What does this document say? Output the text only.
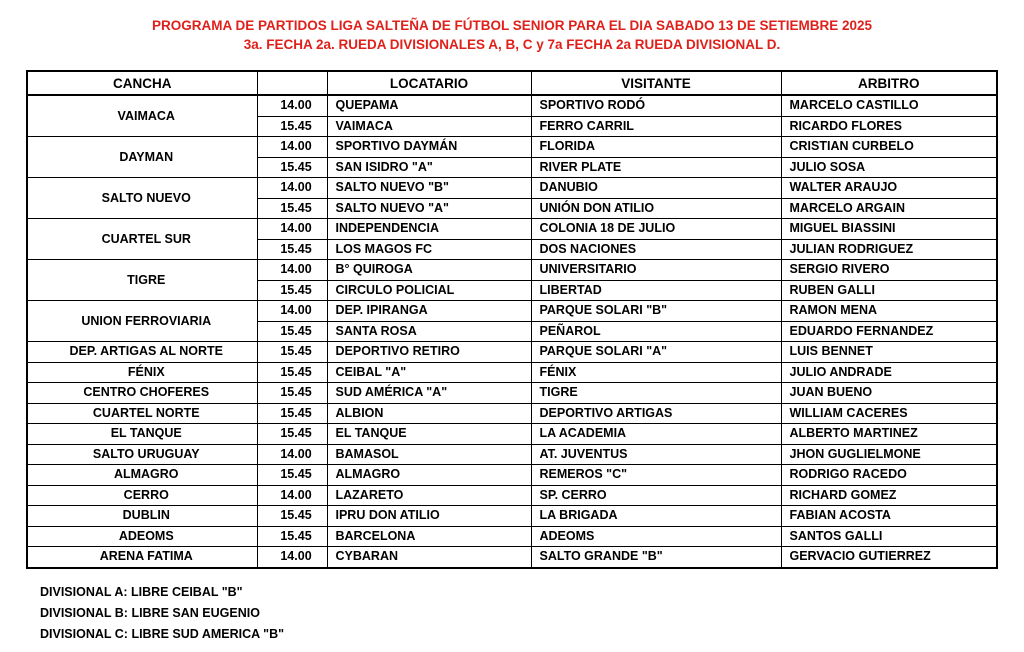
PROGRAMA DE PARTIDOS LIGA SALTEÑA DE FÚTBOL SENIOR PARA EL DIA SABADO 13 DE SETIEMBRE 2025
3a. FECHA 2a. RUEDA DIVISIONALES A, B, C y 7a FECHA 2a RUEDA DIVISIONAL D.
CANCHA		LOCATARIO	VISITANTE	ARBITRO
VAIMACA	14.00	QUEPAMA	SPORTIVO RODÓ	MARCELO CASTILLO
	15.45	VAIMACA	FERRO CARRIL	RICARDO FLORES
DAYMAN	14.00	SPORTIVO DAYMÁN	FLORIDA	CRISTIAN CURBELO
	15.45	SAN ISIDRO "A"	RIVER PLATE	JULIO SOSA
SALTO NUEVO	14.00	SALTO NUEVO "B"	DANUBIO	WALTER ARAUJO
	15.45	SALTO NUEVO "A"	UNIÓN DON ATILIO	MARCELO ARGAIN
CUARTEL SUR	14.00	INDEPENDENCIA	COLONIA 18 DE JULIO	MIGUEL BIASSINI
	15.45	LOS MAGOS FC	DOS NACIONES	JULIAN RODRIGUEZ
TIGRE	14.00	B° QUIROGA	UNIVERSITARIO	SERGIO RIVERO
	15.45	CIRCULO POLICIAL	LIBERTAD	RUBEN GALLI
UNION FERROVIARIA	14.00	DEP. IPIRANGA	PARQUE SOLARI "B"	RAMON MENA
	15.45	SANTA ROSA	PEÑAROL	EDUARDO FERNANDEZ
DEP. ARTIGAS AL NORTE	15.45	DEPORTIVO RETIRO	PARQUE SOLARI "A"	LUIS BENNET
FÉNIX	15.45	CEIBAL "A"	FÉNIX	JULIO ANDRADE
CENTRO CHOFERES	15.45	SUD AMÉRICA "A"	TIGRE	JUAN BUENO
CUARTEL NORTE	15.45	ALBION	DEPORTIVO ARTIGAS	WILLIAM CACERES
EL TANQUE	15.45	EL TANQUE	LA ACADEMIA	ALBERTO MARTINEZ
SALTO URUGUAY	14.00	BAMASOL	AT. JUVENTUS	JHON GUGLIELMONE
ALMAGRO	15.45	ALMAGRO	REMEROS "C"	RODRIGO RACEDO
CERRO	14.00	LAZARETO	SP. CERRO	RICHARD GOMEZ
DUBLIN	15.45	IPRU DON ATILIO	LA BRIGADA	FABIAN ACOSTA
ADEOMS	15.45	BARCELONA	ADEOMS	SANTOS GALLI
ARENA FATIMA	14.00	CYBARAN	SALTO GRANDE "B"	GERVACIO GUTIERREZ
DIVISIONAL A: LIBRE CEIBAL "B"
DIVISIONAL B: LIBRE SAN EUGENIO
DIVISIONAL C: LIBRE SUD AMERICA "B"
